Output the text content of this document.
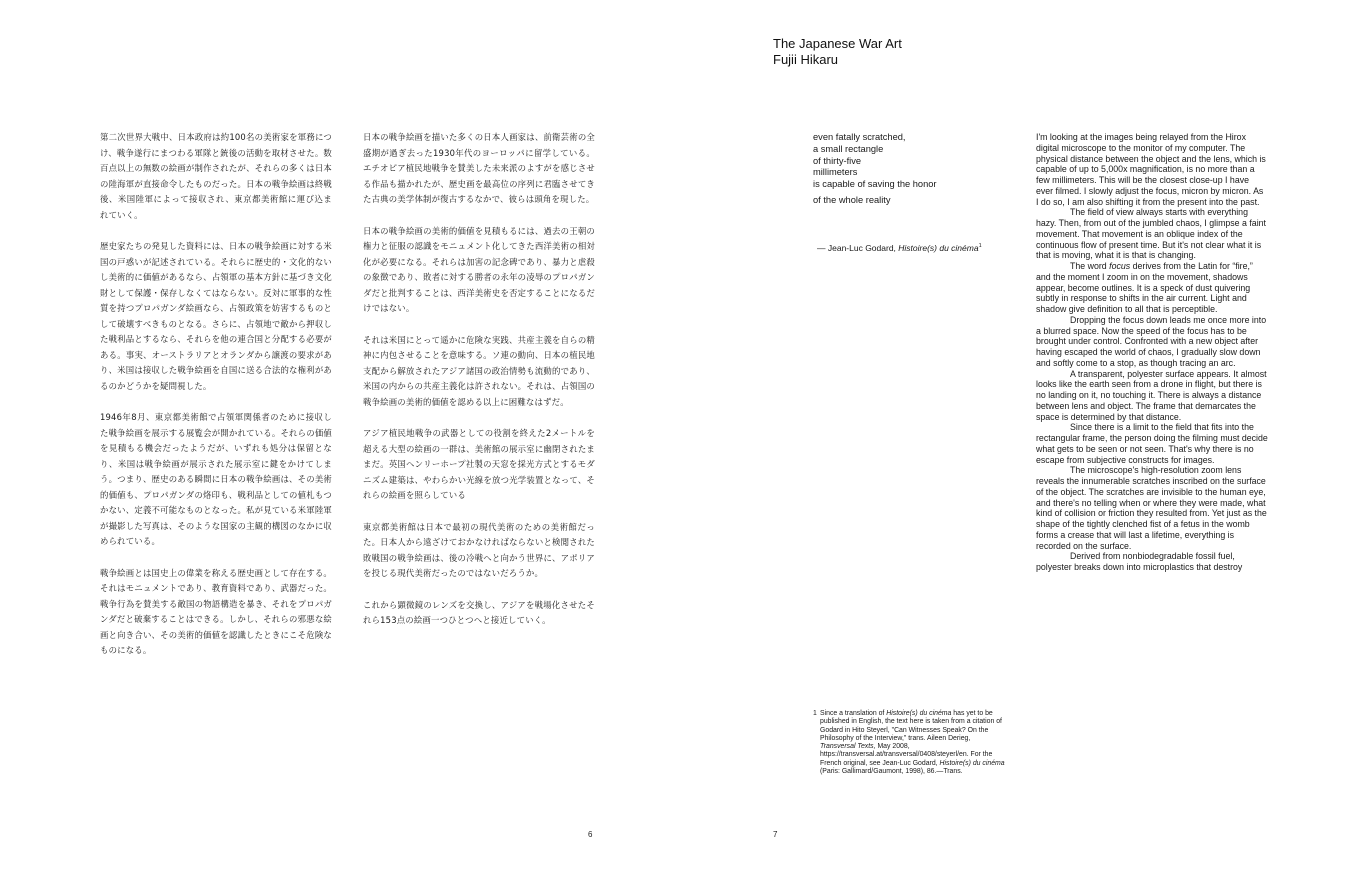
第二次世界大戦中、日本政府は約100名の美術家を軍務につけ、戦争遂行にまつわる軍隊と銃後の活動を取材させた。数百点以上の無数の絵画が制作されたが、それらの多くは日本の陸海軍が直接命令したものだった。日本の戦争絵画は終戦後、米国陸軍によって接収され、東京都美術館に運び込まれていく。

歴史家たちの発見した資料には、日本の戦争絵画に対する米国の戸惑いが記述されている。それらに歴史的・文化的ないし美術的に価値があるなら、占領軍の基本方針に基づき文化財として保護・保存しなくてはならない。反対に軍事的な性質を持つプロパガンダ絵画なら、占領政策を妨害するものとして破壊すべきものとなる。さらに、占領地で敵から押収した戦利品とするなら、それらを他の連合国と分配する必要がある。事実、オーストラリアとオランダから譲渡の要求があり、米国は接収した戦争絵画を自国に送る合法的な権利があるのかどうかを疑問視した。

1946年8月、東京都美術館で占領軍関係者のために接収した戦争絵画を展示する展覧会が開かれている。それらの価値を見積もる機会だったようだが、いずれも処分は保留となり、米国は戦争絵画が展示された展示室に鍵をかけてしまう。つまり、歴史のある瞬間に日本の戦争絵画は、その美術的価値も、プロパガンダの烙印も、戦利品としての値札もつかない、定義不可能なものとなった。私が見ている米軍陸軍が撮影した写真は、そのような国家の主観的構図のなかに収められている。

戦争絵画とは国史上の偉業を称える歴史画として存在する。それはモニュメントであり、教育資料であり、武器だった。戦争行為を賛美する敵国の物語構造を暴き、それをプロパガンダだと破棄することはできる。しかし、それらの邪悪な絵画と向き合い、その美術的価値を認識したときにこそ危険なものになる。

日本の戦争絵画を描いた多くの日本人画家は、前衛芸術の全盛期が過ぎ去った1930年代のヨーロッパに留学している。エチオピア植民地戦争を賛美した未来派のよすがを感じさせる作品も描かれたが、歴史画を最高位の序列に君臨させてきた古典の美学体制が復古するなかで、彼らは頭角を現した。

日本の戦争絵画の美術的価値を見積もるには、過去の王朝の権力と征服の認識をモニュメント化してきた西洋美術の相対化が必要になる。それらは加害の記念碑であり、暴力と虐殺の象徴であり、敗者に対する勝者の永年の凌辱のプロパガンダだと批判することは、西洋美術史を否定することになるだけではない。

それは米国にとって遥かに危険な実践、共産主義を自らの精神に内包させることを意味する。ソ連の動向、日本の植民地支配から解放されたアジア諸国の政治情勢も流動的であり、米国の内からの共産主義化は許されない。それは、占領国の戦争絵画の美術的価値を認める以上に困難なはずだ。

アジア植民地戦争の武器としての役割を終えた2メートルを超える大型の絵画の一群は、美術館の展示室に幽閉されたままだ。英国ヘンリーホープ社製の天窓を採光方式とするモダニズム建築は、やわらかい光線を放つ光学装置となって、それらの絵画を照らしている

東京都美術館は日本で最初の現代美術のための美術館だった。日本人から遠ざけておかなければならないと検閲された敗戦国の戦争絵画は、後の冷戦へと向かう世界に、アポリアを投じる現代美術だったのではないだろうか。

これから顕微鏡のレンズを交換し、アジアを戦場化させたそれら153点の絵画一つひとつへと接近していく。

6
The Japanese War Art
Fujii Hikaru
even fatally scratched,
a small rectangle
of thirty-five
millimeters
is capable of saving the honor
of the whole reality
— Jean-Luc Godard, Histoire(s) du cinéma$^1$
1 Since a translation of Histoire(s) du cinéma has yet to be published in English, the text here is taken from a citation of Godard in Hito Steyerl, "Can Witnesses Speak? On the Philosophy of the Interview," trans. Aileen Derieg, Transversal Texts, May 2008, https://transversal.at/transversal/0408/steyerl/en. For the French original, see Jean-Luc Godard, Histoire(s) du cinéma (Paris: Gallimard/Gaumont, 1998), 86.—Trans.

I'm looking at the images being relayed from the Hirox digital microscope to the monitor of my computer. The physical distance between the object and the lens, which is capable of up to 5,000x magnification, is no more than a few millimeters. This will be the closest close-up I have ever filmed. I slowly adjust the focus, micron by micron. As I do so, I am also shifting it from the present into the past.

The field of view always starts with everything hazy. Then, from out of the jumbled chaos, I glimpse a faint movement. That movement is an oblique index of the continuous flow of present time. But it's not clear what it is that is moving, what it is that is changing.

The word focus derives from the Latin for “fire,” and the moment I zoom in on the movement, shadows appear, become outlines. It is a speck of dust quivering subtly in response to shifts in the air current. Light and shadow give definition to all that is perceptible.

Dropping the focus down leads me once more into a blurred space. Now the speed of the focus has to be brought under control. Confronted with a new object after having escaped the world of chaos, I gradually slow down and softly come to a stop, as though tracing an arc.

A transparent, polyester surface appears. It almost looks like the earth seen from a drone in flight, but there is no landing on it, no touching it. There is always a distance between lens and object. The frame that demarcates the space is determined by that distance.

Since there is a limit to the field that fits into the rectangular frame, the person doing the filming must decide what gets to be seen or not seen. That's why there is no escape from subjective constructs for images.

The microscope's high-resolution zoom lens reveals the innumerable scratches inscribed on the surface of the object. The scratches are invisible to the human eye, and there's no telling when or where they were made, what kind of collision or friction they resulted from. Yet just as the shape of the tightly clenched fist of a fetus in the womb forms a crease that will last a lifetime, everything is recorded on the surface.

Derived from nonbiodegradable fossil fuel, polyester breaks down into microplastics that destroy

7
